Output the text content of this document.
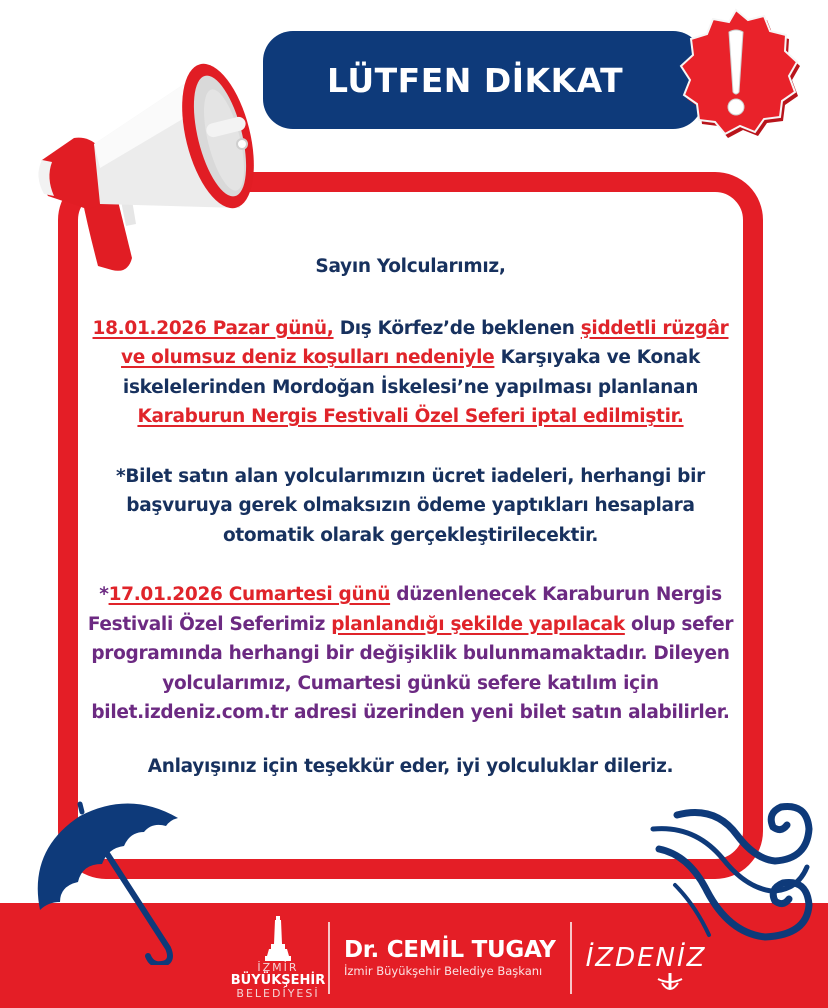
LÜTFEN DİKKAT

Sayın Yolcularımız,

18.01.2026 Pazar günü, Dış Körfez’de beklenen şiddetli rüzgâr ve olumsuz deniz koşulları nedeniyle Karşıyaka ve Konak iskelelerinden Mordoğan İskelesi’ne yapılması planlanan Karaburun Nergis Festivali Özel Seferi iptal edilmiştir.

*Bilet satın alan yolcularımızın ücret iadeleri, herhangi bir başvuruya gerek olmaksızın ödeme yaptıkları hesaplara otomatik olarak gerçekleştirilecektir.

*17.01.2026 Cumartesi günü düzenlenecek Karaburun Nergis Festivali Özel Seferimiz planlandığı şekilde yapılacak olup sefer programında herhangi bir değişiklik bulunmamaktadır. Dileyen yolcularımız, Cumartesi günkü sefere katılım için bilet.izdeniz.com.tr adresi üzerinden yeni bilet satın alabilirler.

Anlayışınız için teşekkür eder, iyi yolculuklar dileriz.

İZMİR
BÜYÜKŞEHİR
BELEDİYESİ
Dr. CEMİL TUGAY
İzmir Büyükşehir Belediye Başkanı	İZDENİZ
